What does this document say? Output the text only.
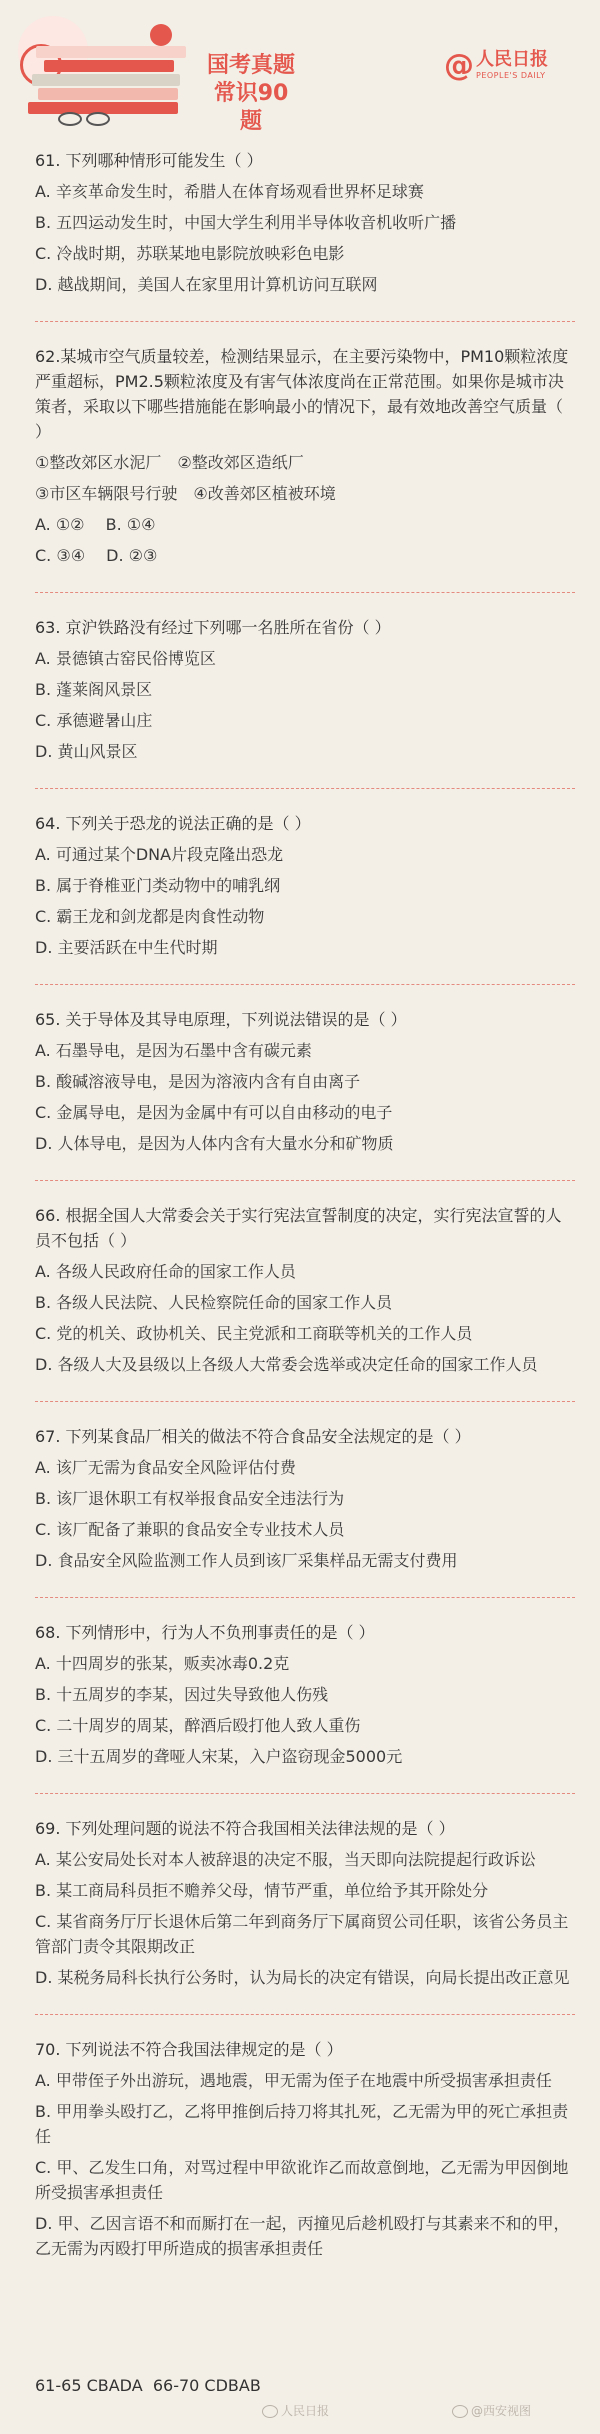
国考真题
常识90题
@ 人民日报
PEOPLE'S DAILY

61. 下列哪种情形可能发生（ ）

A. 辛亥革命发生时，希腊人在体育场观看世界杯足球赛

B. 五四运动发生时，中国大学生利用半导体收音机收听广播

C. 冷战时期，苏联某地电影院放映彩色电影

D. 越战期间，美国人在家里用计算机访问互联网

62.某城市空气质量较差，检测结果显示，在主要污染物中，PM10颗粒浓度严重超标，PM2.5颗粒浓度及有害气体浓度尚在正常范围。如果你是城市决策者，采取以下哪些措施能在影响最小的情况下，最有效地改善空气质量（ ）

①整改郊区水泥厂　②整改郊区造纸厂

③市区车辆限号行驶　④改善郊区植被环境

A. ①②　 B. ①④

C. ③④　 D. ②③

63. 京沪铁路没有经过下列哪一名胜所在省份（ ）

A. 景德镇古窑民俗博览区

B. 蓬莱阁风景区

C. 承德避暑山庄

D. 黄山风景区

64. 下列关于恐龙的说法正确的是（ ）

A. 可通过某个DNA片段克隆出恐龙

B. 属于脊椎亚门类动物中的哺乳纲

C. 霸王龙和剑龙都是肉食性动物

D. 主要活跃在中生代时期

65. 关于导体及其导电原理，下列说法错误的是（ ）

A. 石墨导电，是因为石墨中含有碳元素

B. 酸碱溶液导电，是因为溶液内含有自由离子

C. 金属导电，是因为金属中有可以自由移动的电子

D. 人体导电，是因为人体内含有大量水分和矿物质

66. 根据全国人大常委会关于实行宪法宣誓制度的决定，实行宪法宣誓的人员不包括（ ）

A. 各级人民政府任命的国家工作人员

B. 各级人民法院、人民检察院任命的国家工作人员

C. 党的机关、政协机关、民主党派和工商联等机关的工作人员

D. 各级人大及县级以上各级人大常委会选举或决定任命的国家工作人员

67. 下列某食品厂相关的做法不符合食品安全法规定的是（ ）

A. 该厂无需为食品安全风险评估付费

B. 该厂退休职工有权举报食品安全违法行为

C. 该厂配备了兼职的食品安全专业技术人员

D. 食品安全风险监测工作人员到该厂采集样品无需支付费用

68. 下列情形中，行为人不负刑事责任的是（ ）

A. 十四周岁的张某，贩卖冰毒0.2克

B. 十五周岁的李某，因过失导致他人伤残

C. 二十周岁的周某，醉酒后殴打他人致人重伤

D. 三十五周岁的聋哑人宋某，入户盗窃现金5000元

69. 下列处理问题的说法不符合我国相关法律法规的是（ ）

A. 某公安局处长对本人被辞退的决定不服，当天即向法院提起行政诉讼

B. 某工商局科员拒不赡养父母，情节严重，单位给予其开除处分

C. 某省商务厅厅长退休后第二年到商务厅下属商贸公司任职，该省公务员主管部门责令其限期改正

D. 某税务局科长执行公务时，认为局长的决定有错误，向局长提出改正意见

70. 下列说法不符合我国法律规定的是（ ）

A. 甲带侄子外出游玩，遇地震，甲无需为侄子在地震中所受损害承担责任

B. 甲用拳头殴打乙，乙将甲推倒后持刀将其扎死，乙无需为甲的死亡承担责任

C. 甲、乙发生口角，对骂过程中甲欲讹诈乙而故意倒地，乙无需为甲因倒地所受损害承担责任

D. 甲、乙因言语不和而厮打在一起，丙撞见后趁机殴打与其素来不和的甲，乙无需为丙殴打甲所造成的损害承担责任

61-65 CBADA  66-70 CDBAB
人民日报	@西安视图
